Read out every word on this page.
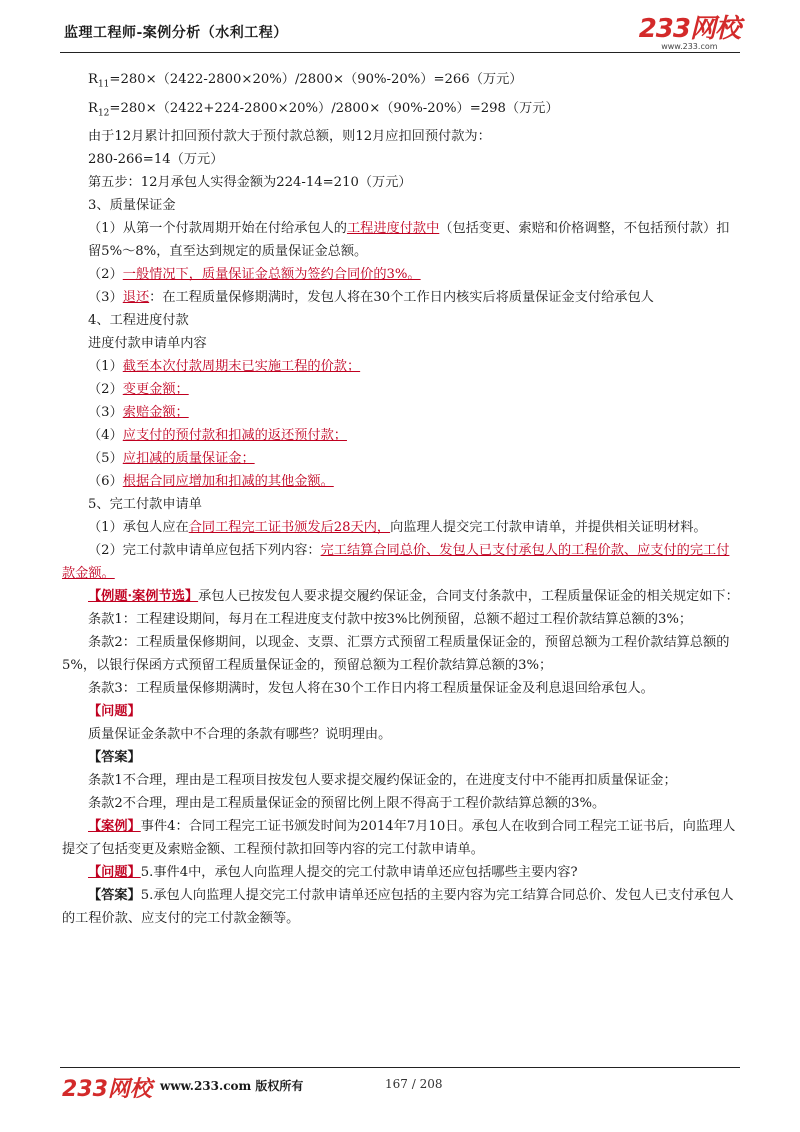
监理工程师-案例分析（水利工程）	233网校
www.233.com

$R_{11}=280\times(2422-2800\times 20\%)/2800\times(90\%-20\%)=266$（万元）

$R_{12}=280\times(2422+224-2800\times 20\%)/2800\times(90\%-20\%)=298$（万元）

由于12月累计扣回预付款大于预付款总额，则12月应扣回预付款为：

280-266=14（万元）

第五步：12月承包人实得金额为224-14=210（万元）

3、质量保证金

（1）从第一个付款周期开始在付给承包人的工程进度付款中（包括变更、索赔和价格调整，不包括预付款）扣留5%～8%，直至达到规定的质量保证金总额。

（2）一般情况下，质量保证金总额为签约合同价的3%。

（3）退还：在工程质量保修期满时，发包人将在30个工作日内核实后将质量保证金支付给承包人

4、工程进度付款

进度付款申请单内容

（1）截至本次付款周期末已实施工程的价款；

（2）变更金额；

（3）索赔金额；

（4）应支付的预付款和扣减的返还预付款；

（5）应扣减的质量保证金；

（6）根据合同应增加和扣减的其他金额。

5、完工付款申请单

（1）承包人应在合同工程完工证书颁发后28天内，向监理人提交完工付款申请单，并提供相关证明材料。

（2）完工付款申请单应包括下列内容：完工结算合同总价、发包人已支付承包人的工程价款、应支付的完工付款金额。

【例题·案例节选】承包人已按发包人要求提交履约保证金，合同支付条款中，工程质量保证金的相关规定如下：

条款1：工程建设期间，每月在工程进度支付款中按3%比例预留，总额不超过工程价款结算总额的3%；

条款2：工程质量保修期间，以现金、支票、汇票方式预留工程质量保证金的，预留总额为工程价款结算总额的5%，以银行保函方式预留工程质量保证金的，预留总额为工程价款结算总额的3%；

条款3：工程质量保修期满时，发包人将在30个工作日内将工程质量保证金及利息退回给承包人。

【问题】

质量保证金条款中不合理的条款有哪些？说明理由。

【答案】

条款1不合理，理由是工程项目按发包人要求提交履约保证金的，在进度支付中不能再扣质量保证金；

条款2不合理，理由是工程质量保证金的预留比例上限不得高于工程价款结算总额的3%。

【案例】事件4：合同工程完工证书颁发时间为2014年7月10日。承包人在收到合同工程完工证书后，向监理人提交了包括变更及索赔金额、工程预付款扣回等内容的完工付款申请单。

【问题】5.事件4中，承包人向监理人提交的完工付款申请单还应包括哪些主要内容?

【答案】5.承包人向监理人提交完工付款申请单还应包括的主要内容为完工结算合同总价、发包人已支付承包人的工程价款、应支付的完工付款金额等。

233网校 www.233.com 版权所有	167 / 208
